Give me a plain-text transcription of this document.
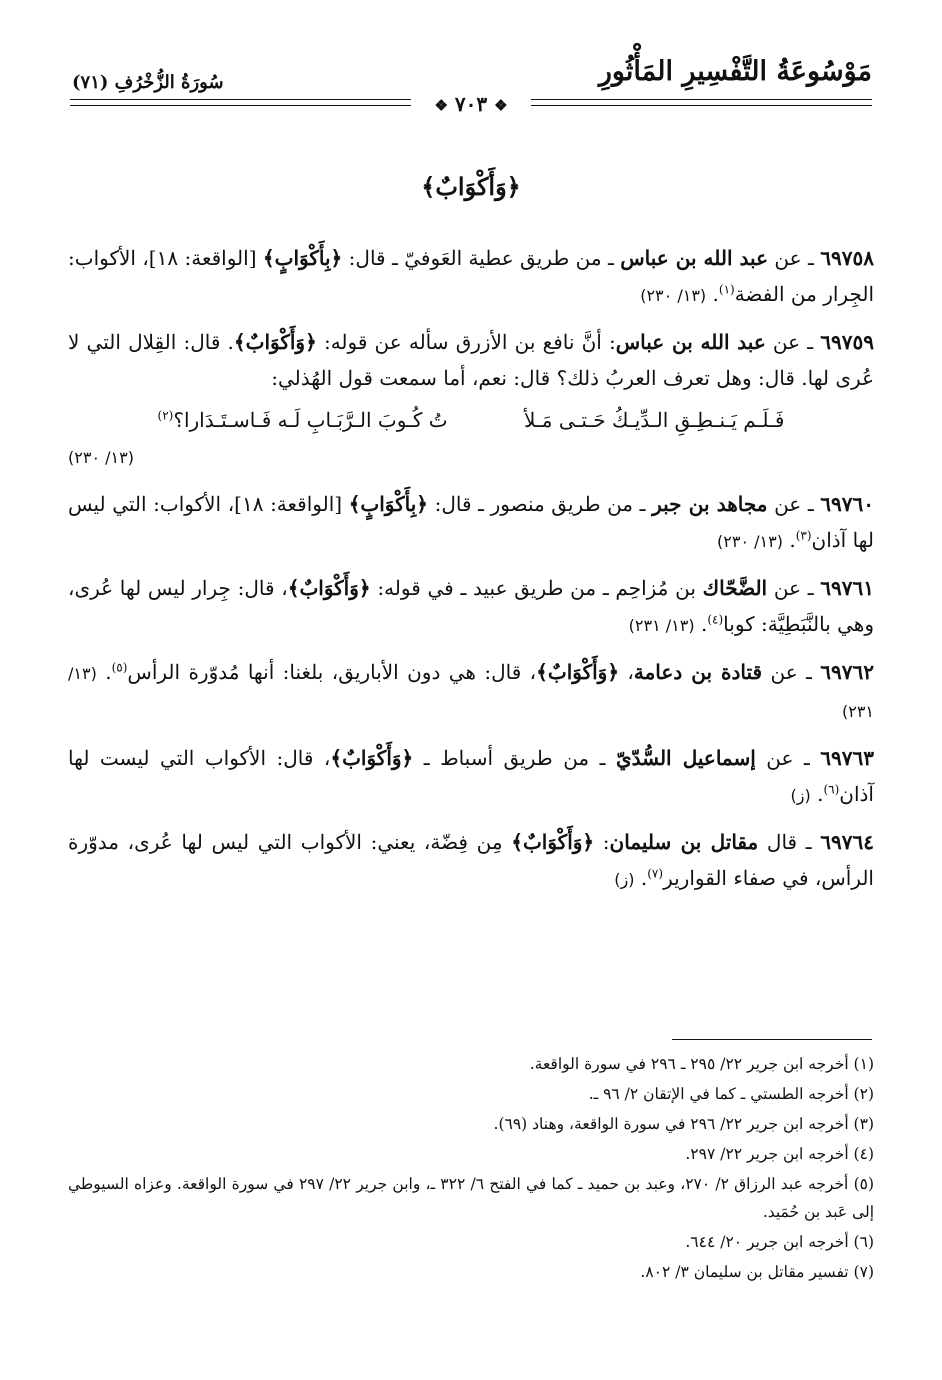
مَوْسُوعَةُ التَّفْسِيرِ المَأْثُورِ
سُورَةُ الزُّخْرُفِ (٧١)
❖ ٧٠٣ ❖
﴿وَأَكْوَابٌ﴾

٦٩٧٥٨ ـ عن عبد الله بن عباس ـ من طريق عطية العَوفيّ ـ قال: ﴿بِأَكْوَابٍ﴾ [الواقعة: ١٨]، الأكواب: الجِرار من الفضة$^{(١)}$. (١٣/ ٢٣٠)

٦٩٧٥٩ ـ عن عبد الله بن عباس: أنَّ نافع بن الأزرق سأله عن قوله: ﴿وَأَكْوَابٌ﴾. قال: القِلال التي لا عُرى لها. قال: وهل تعرف العربُ ذلك؟ قال: نعم، أما سمعت قول الهُذلي:
فَـلَـم يَـنـطِـقِ الـدِّيـكُ حَـتـى مَـلأ تُ كُـوبَ الـرَّبَـابِ لَـه فَـاسـتَـدَارا؟$^{(٢)}$
(١٣/ ٢٣٠)

٦٩٧٦٠ ـ عن مجاهد بن جبر ـ من طريق منصور ـ قال: ﴿بِأَكْوَابٍ﴾ [الواقعة: ١٨]، الأكواب: التي ليس لها آذان$^{(٣)}$. (١٣/ ٢٣٠)

٦٩٧٦١ ـ عن الضَّحّاك بن مُزاحِم ـ من طريق عبيد ـ في قوله: ﴿وَأَكْوَابٌ﴾، قال: جِرار ليس لها عُرى، وهي بالنَّبَطِيَّة: كوبا$^{(٤)}$. (١٣/ ٢٣١)

٦٩٧٦٢ ـ عن قتادة بن دعامة، ﴿وَأَكْوَابٌ﴾، قال: هي دون الأباريق، بلغنا: أنها مُدوّرة الرأس$^{(٥)}$. (١٣/ ٢٣١)

٦٩٧٦٣ ـ عن إسماعيل السُّدّيّ ـ من طريق أسباط ـ ﴿وَأَكْوَابٌ﴾، قال: الأكواب التي ليست لها آذان$^{(٦)}$. (ز)

٦٩٧٦٤ ـ قال مقاتل بن سليمان: ﴿وَأَكْوَابٌ﴾ مِن فِضّة، يعني: الأكواب التي ليس لها عُرى، مدوّرة الرأس، في صفاء القوارير$^{(٧)}$. (ز)

(١) أخرجه ابن جرير ٢٢/ ٢٩٥ ـ ٢٩٦ في سورة الواقعة.
(٢) أخرجه الطستي ـ كما في الإتقان ٢/ ٩٦ ـ.
(٣) أخرجه ابن جرير ٢٢/ ٢٩٦ في سورة الواقعة، وهناد (٦٩).
(٤) أخرجه ابن جرير ٢٢/ ٢٩٧.
(٥) أخرجه عبد الرزاق ٢/ ٢٧٠، وعبد بن حميد ـ كما في الفتح ٦/ ٣٢٢ ـ، وابن جرير ٢٢/ ٢٩٧ في سورة الواقعة. وعزاه السيوطي إلى عَبد بن حُمَيد.
(٦) أخرجه ابن جرير ٢٠/ ٦٤٤.
(٧) تفسير مقاتل بن سليمان ٣/ ٨٠٢.
